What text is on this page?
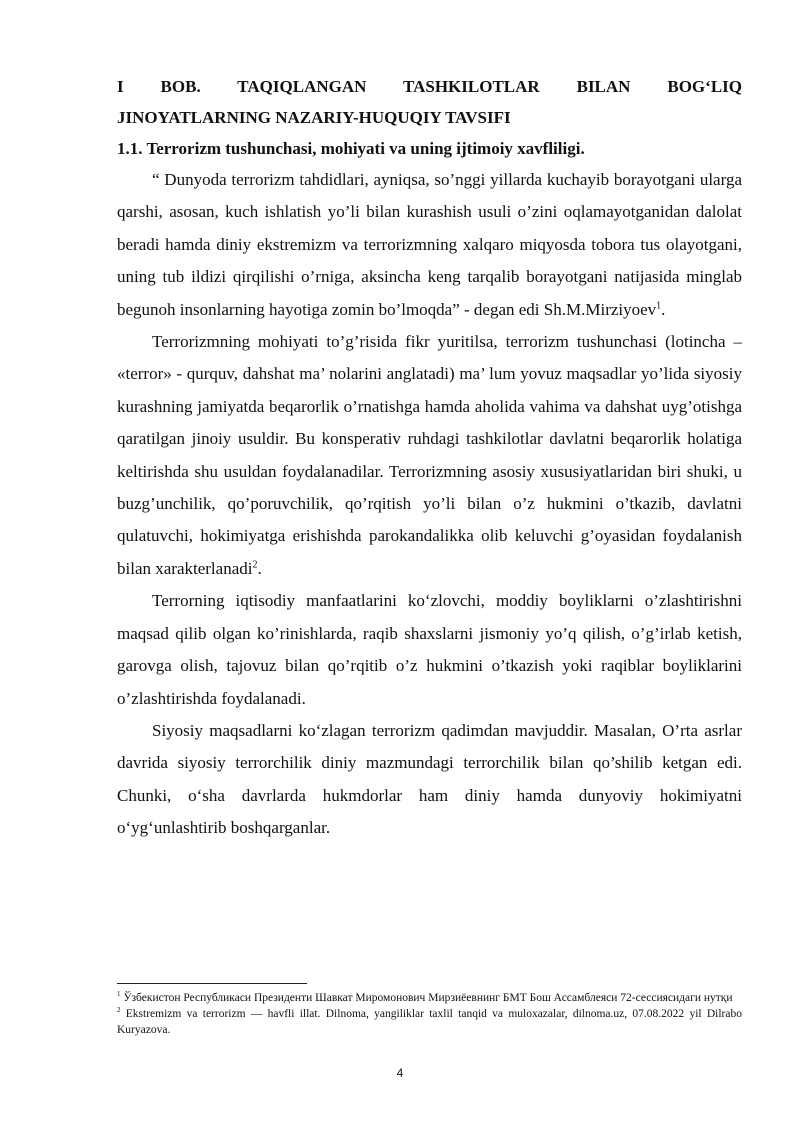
I BOB. TAQIQLANGAN TASHKILOTLAR BILAN BOG‘LIQ
JINOYATLARNING NAZARIY-HUQUQIY TAVSIFI
1.1. Terrorizm tushunchasi, mohiyati va uning ijtimoiy xavfliligi.

“ Dunyoda terrorizm tahdidlari, ayniqsa, so’nggi yillarda kuchayib borayotgani ularga qarshi, asosan, kuch ishlatish yo’li bilan kurashish usuli o’zini oqlamayotganidan dalolat beradi hamda diniy ekstremizm va terrorizmning xalqaro miqyosda tobora tus olayotgani, uning tub ildizi qirqilishi o’rniga, aksincha keng tarqalib borayotgani natijasida minglab begunoh insonlarning hayotiga zomin bo’lmoqda” - degan edi Sh.M.Mirziyoev$^1$.

Terrorizmning mohiyati to’g’risida fikr yuritilsa, terrorizm tushunchasi (lotincha – «terror» - qurquv, dahshat ma’ nolarini anglatadi) ma’ lum yovuz maqsadlar yo’lida siyosiy kurashning jamiyatda beqarorlik o’rnatishga hamda aholida vahima va dahshat uyg’otishga qaratilgan jinoiy usuldir. Bu konsperativ ruhdagi tashkilotlar davlatni beqarorlik holatiga keltirishda shu usuldan foydalanadilar. Terrorizmning asosiy xususiyatlaridan biri shuki, u buzg’unchilik, qo’poruvchilik, qo’rqitish yo’li bilan o’z hukmini o’tkazib, davlatni qulatuvchi, hokimiyatga erishishda parokandalikka olib keluvchi g’oyasidan foydalanish bilan xarakterlanadi$^2$.

Terrorning iqtisodiy manfaatlarini ko‘zlovchi, moddiy boyliklarni o’zlashtirishni maqsad qilib olgan ko’rinishlarda, raqib shaxslarni jismoniy yo’q qilish, o’g’irlab ketish, garovga olish, tajovuz bilan qo’rqitib o’z hukmini o’tkazish yoki raqiblar boyliklarini o’zlashtirishda foydalanadi.

Siyosiy maqsadlarni ko‘zlagan terrorizm qadimdan mavjuddir. Masalan, O’rta asrlar davrida siyosiy terrorchilik diniy mazmundagi terrorchilik bilan qo’shilib ketgan edi. Chunki, o‘sha davrlarda hukmdorlar ham diniy hamda dunyoviy hokimiyatni o‘yg‘unlashtirib boshqarganlar.

$^1$ Ўзбекистон Республикаси Президенти Шавкат Миромонович Мирзиёевнинг БМТ Бош Ассамблеяси 72-сессиясидаги нутқи

$^2$ Ekstremizm va terrorizm — havfli illat. Dilnoma, yangiliklar taxlil tanqid va muloxazalar, dilnoma.uz, 07.08.2022 yil Dilrabo Kuryazova.

4
